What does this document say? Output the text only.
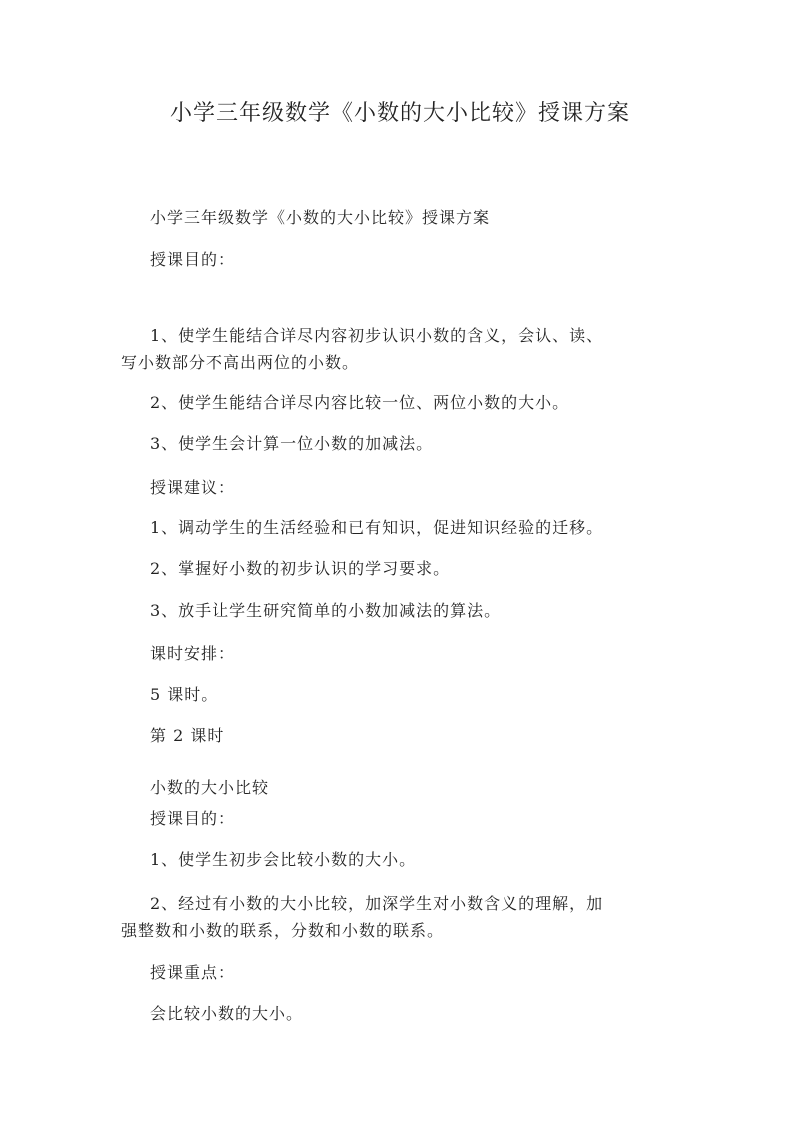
小学三年级数学《小数的大小比较》授课方案
小学三年级数学《小数的大小比较》授课方案
授课目的：
1、使学生能结合详尽内容初步认识小数的含义，会认、读、
写小数部分不高出两位的小数。
2、使学生能结合详尽内容比较一位、两位小数的大小。
3、使学生会计算一位小数的加减法。
授课建议：
1、调动学生的生活经验和已有知识，促进知识经验的迁移。
2、掌握好小数的初步认识的学习要求。
3、放手让学生研究简单的小数加减法的算法。
课时安排：
5 课时。
第 2 课时
小数的大小比较
授课目的：
1、使学生初步会比较小数的大小。
2、经过有小数的大小比较，加深学生对小数含义的理解，加
强整数和小数的联系，分数和小数的联系。
授课重点：
会比较小数的大小。
